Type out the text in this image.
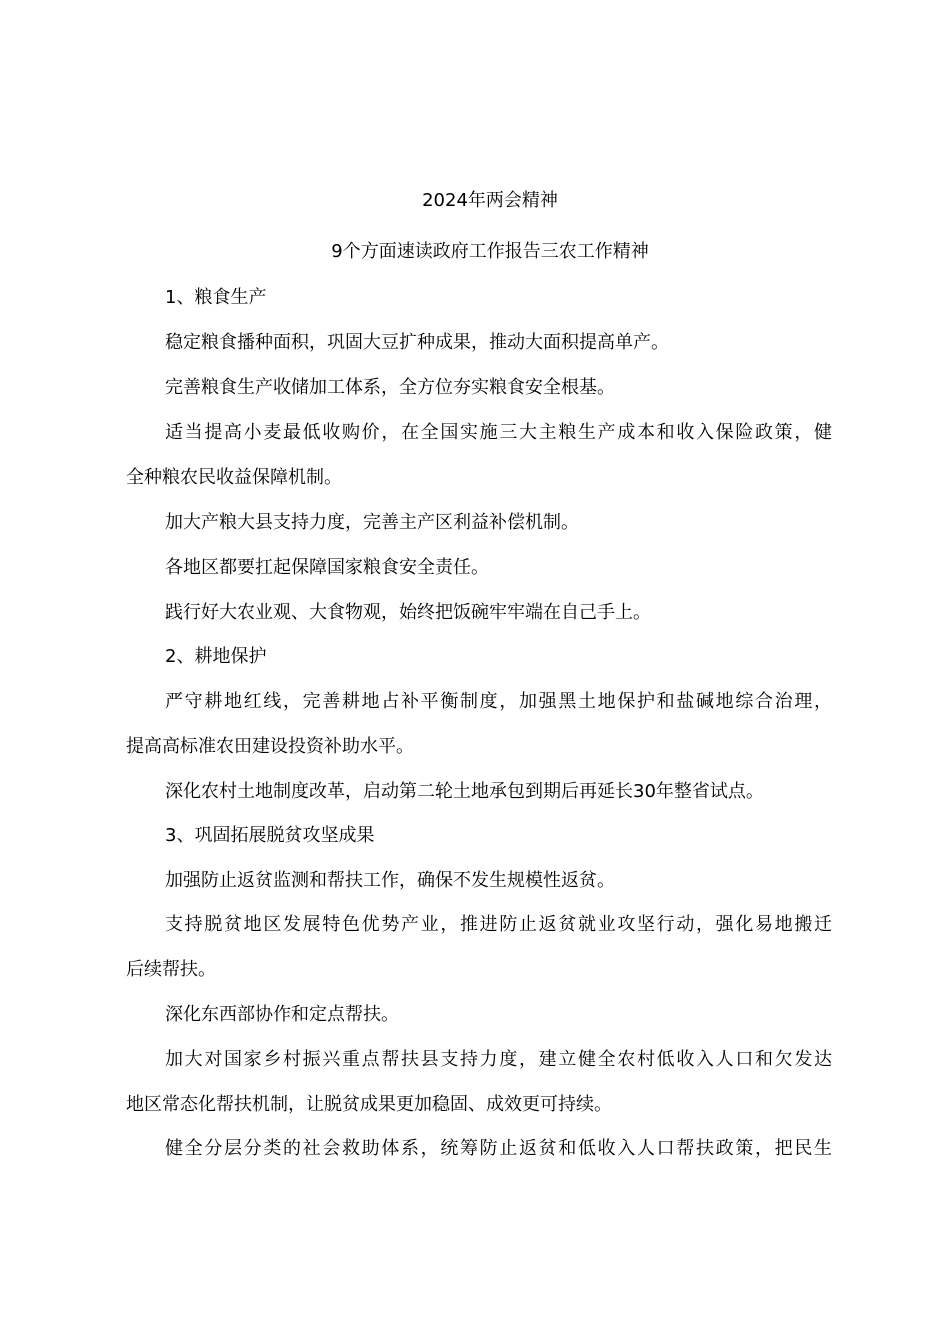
2024年两会精神
9个方面速读政府工作报告三农工作精神
1、粮食生产
稳定粮食播种面积，巩固大豆扩种成果，推动大面积提高单产。
完善粮食生产收储加工体系，全方位夯实粮食安全根基。
适当提高小麦最低收购价，在全国实施三大主粮生产成本和收入保险政策，健
全种粮农民收益保障机制。
加大产粮大县支持力度，完善主产区利益补偿机制。
各地区都要扛起保障国家粮食安全责任。
践行好大农业观、大食物观，始终把饭碗牢牢端在自己手上。
2、耕地保护
严守耕地红线，完善耕地占补平衡制度，加强黑土地保护和盐碱地综合治理，
提高高标准农田建设投资补助水平。
深化农村土地制度改革，启动第二轮土地承包到期后再延长30年整省试点。
3、巩固拓展脱贫攻坚成果
加强防止返贫监测和帮扶工作，确保不发生规模性返贫。
支持脱贫地区发展特色优势产业，推进防止返贫就业攻坚行动，强化易地搬迁
后续帮扶。
深化东西部协作和定点帮扶。
加大对国家乡村振兴重点帮扶县支持力度，建立健全农村低收入人口和欠发达
地区常态化帮扶机制，让脱贫成果更加稳固、成效更可持续。
健全分层分类的社会救助体系，统筹防止返贫和低收入人口帮扶政策，把民生
